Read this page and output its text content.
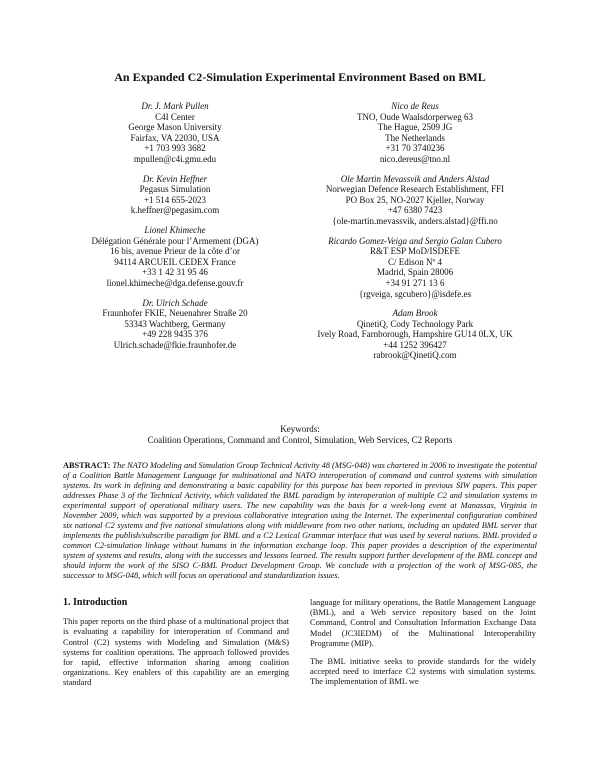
An Expanded C2-Simulation Experimental Environment Based on BML
Dr. J. Mark Pullen
C4I Center
George Mason University
Fairfax, VA 22030, USA
+1 703 993 3682
mpullen@c4i.gmu.edu
Dr. Kevin Heffner
Pegasus Simulation
+1 514 655-2023
k.heffner@pegasim.com
Lionel Khimeche
Délégation Générale pour l’Armement (DGA)
16 bis, avenue Prieur de la côte d’or
94114 ARCUEIL CEDEX France
+33 1 42 31 95 46
lionel.khimeche@dga.defense.gouv.fr
Dr. Ulrich Schade
Fraunhofer FKIE, Neuenahrer Straße 20
53343 Wachtberg, Germany
+49 228 9435 376
Ulrich.schade@fkie.fraunhofer.de
Nico de Reus
TNO, Oude Waalsdorperweg 63
The Hague, 2509 JG
The Netherlands
+31 70 3740236
nico.dereus@tno.nl
Ole Martin Mevassvik and Anders Alstad
Norwegian Defence Research Establishment, FFI
PO Box 25, NO-2027 Kjeller, Norway
+47 6380 7423
{ole-martin.mevassvik, anders.alstad}@ffi.no
Ricardo Gomez-Veiga and Sergio Galan Cubero
R&T ESP MoD/ISDEFE
C/ Edison Nº 4
Madrid, Spain 28006
+34 91 271 13 6
{rgveiga, sgcubero}@isdefe.es
Adam Brook
QinetiQ, Cody Technology Park
Ively Road, Farnborough, Hampshire GU14 0LX, UK
+44 1252 396427
rabrook@QinetiQ.com
Keywords:
Coalition Operations, Command and Control, Simulation, Web Services, C2 Reports
ABSTRACT: The NATO Modeling and Simulation Group Technical Activity 48 (MSG-048) was chartered in 2006 to investigate the potential of a Coalition Battle Management Language for multinational and NATO interoperation of command and control systems with simulation systems. Its work in defining and demonstrating a basic capability for this purpose has been reported in previous SIW papers. This paper addresses Phase 3 of the Technical Activity, which validated the BML paradigm by interoperation of multiple C2 and simulation systems in experimental support of operational military users. The new capability was the basis for a week-long event at Manassas, Virginia in November 2009, which was supported by a previous collaborative integration using the Internet. The experimental configuration combined six national C2 systems and five national simulations along with middleware from two other nations, including an updated BML server that implements the publish/subscribe paradigm for BML and a C2 Lexical Grammar interface that was used by several nations. BML provided a common C2-simulation linkage without humans in the information exchange loop. This paper provides a description of the experimental system of systems and results, along with the successes and lessons learned. The results support further development of the BML concept and should inform the work of the SISO C-BML Product Development Group. We conclude with a projection of the work of MSG-085, the successor to MSG-048, which will focus on operational and standardization issues.
1. Introduction
This paper reports on the third phase of a multinational project that is evaluating a capability for interoperation of Command and Control (C2) systems with Modeling and Simulation (M&S) systems for coalition operations. The approach followed provides for rapid, effective information sharing among coalition organizations. Key enablers of this capability are an emerging standard
language for military operations, the Battle Management Language (BML), and a Web service repository based on the Joint Command, Control and Consultation Information Exchange Data Model (JC3IEDM) of the Multinational Interoperability Programme (MIP).
The BML initiative seeks to provide standards for the widely accepted need to interface C2 systems with simulation systems. The implementation of BML we
